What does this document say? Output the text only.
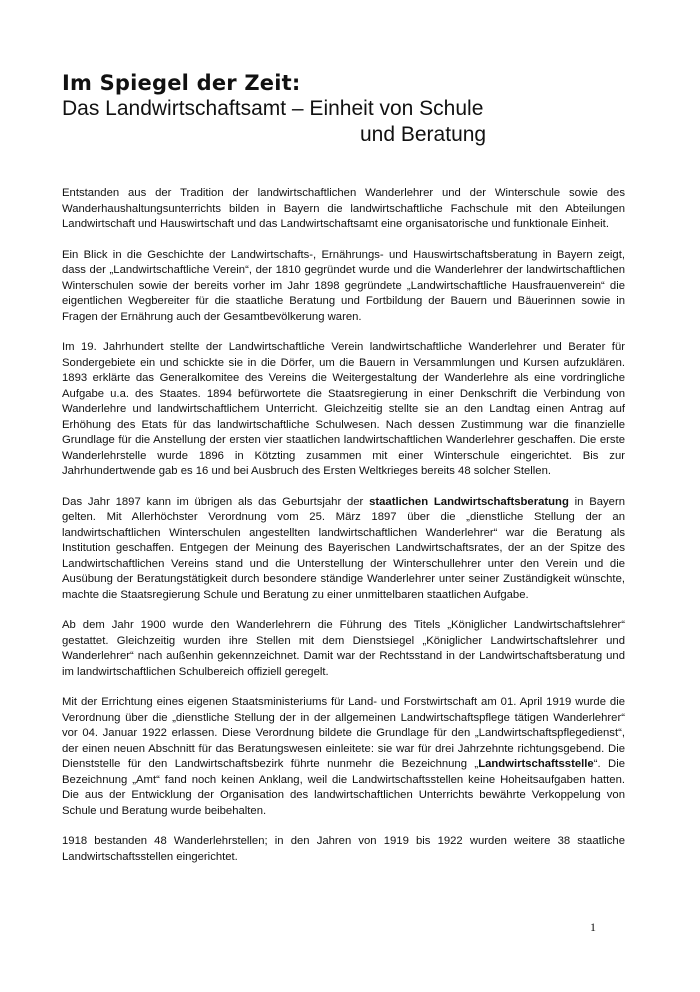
Im Spiegel der Zeit:
Das Landwirtschaftsamt – Einheit von Schule
und Beratung

Entstanden aus der Tradition der landwirtschaftlichen Wanderlehrer und der Winterschule sowie des Wanderhaushaltungsunterrichts bilden in Bayern die landwirtschaftliche Fachschule mit den Abteilungen Landwirtschaft und Hauswirtschaft und das Landwirtschaftsamt eine organisatorische und funktionale Einheit.

Ein Blick in die Geschichte der Landwirtschafts-, Ernährungs- und Hauswirtschaftsberatung in Bayern zeigt, dass der „Landwirtschaftliche Verein“, der 1810 gegründet wurde und die Wanderlehrer der landwirtschaftlichen Winterschulen sowie der bereits vorher im Jahr 1898 gegründete „Landwirtschaftliche Hausfrauenverein“ die eigentlichen Wegbereiter für die staatliche Beratung und Fortbildung der Bauern und Bäuerinnen sowie in Fragen der Ernährung auch der Gesamtbevölkerung waren.

Im 19. Jahrhundert stellte der Landwirtschaftliche Verein landwirtschaftliche Wanderlehrer und Berater für Sondergebiete ein und schickte sie in die Dörfer, um die Bauern in Versammlungen und Kursen aufzuklären. 1893 erklärte das Generalkomitee des Vereins die Weitergestaltung der Wanderlehre als eine vordringliche Aufgabe u.a. des Staates. 1894 befürwortete die Staatsregierung in einer Denkschrift die Verbindung von Wanderlehre und landwirtschaftlichem Unterricht. Gleichzeitig stellte sie an den Landtag einen Antrag auf Erhöhung des Etats für das landwirtschaftliche Schulwesen. Nach dessen Zustimmung war die finanzielle Grundlage für die Anstellung der ersten vier staatlichen landwirtschaftlichen Wanderlehrer geschaffen. Die erste Wanderlehrstelle wurde 1896 in Kötzting zusammen mit einer Winterschule eingerichtet. Bis zur Jahrhundertwende gab es 16 und bei Ausbruch des Ersten Weltkrieges bereits 48 solcher Stellen.

Das Jahr 1897 kann im übrigen als das Geburtsjahr der staatlichen Landwirtschaftsberatung in Bayern gelten. Mit Allerhöchster Verordnung vom 25. März 1897 über die „dienstliche Stellung der an landwirtschaftlichen Winterschulen angestellten landwirtschaftlichen Wanderlehrer“ war die Beratung als Institution geschaffen. Entgegen der Meinung des Bayerischen Landwirtschaftsrates, der an der Spitze des Landwirtschaftlichen Vereins stand und die Unterstellung der Winterschullehrer unter den Verein und die Ausübung der Beratungstätigkeit durch besondere ständige Wanderlehrer unter seiner Zuständigkeit wünschte, machte die Staatsregierung Schule und Beratung zu einer unmittelbaren staatlichen Aufgabe.

Ab dem Jahr 1900 wurde den Wanderlehrern die Führung des Titels „Königlicher Landwirtschaftslehrer“ gestattet. Gleichzeitig wurden ihre Stellen mit dem Dienstsiegel „Königlicher Landwirtschaftslehrer und Wanderlehrer“ nach außenhin gekennzeichnet. Damit war der Rechtsstand in der Landwirtschaftsberatung und im landwirtschaftlichen Schulbereich offiziell geregelt.

Mit der Errichtung eines eigenen Staatsministeriums für Land- und Forstwirtschaft am 01. April 1919 wurde die Verordnung über die „dienstliche Stellung der in der allgemeinen Landwirtschaftspflege tätigen Wanderlehrer“ vor 04. Januar 1922 erlassen. Diese Verordnung bildete die Grundlage für den „Landwirtschaftspflegedienst“, der einen neuen Abschnitt für das Beratungswesen einleitete: sie war für drei Jahrzehnte richtungsgebend. Die Dienststelle für den Landwirtschaftsbezirk führte nunmehr die Bezeichnung „Landwirtschaftsstelle“. Die Bezeichnung „Amt“ fand noch keinen Anklang, weil die Landwirtschaftsstellen keine Hoheitsaufgaben hatten. Die aus der Entwicklung der Organisation des landwirtschaftlichen Unterrichts bewährte Verkoppelung von Schule und Beratung wurde beibehalten.

1918 bestanden 48 Wanderlehrstellen; in den Jahren von 1919 bis 1922 wurden weitere 38 staatliche Landwirtschaftsstellen eingerichtet.

1
